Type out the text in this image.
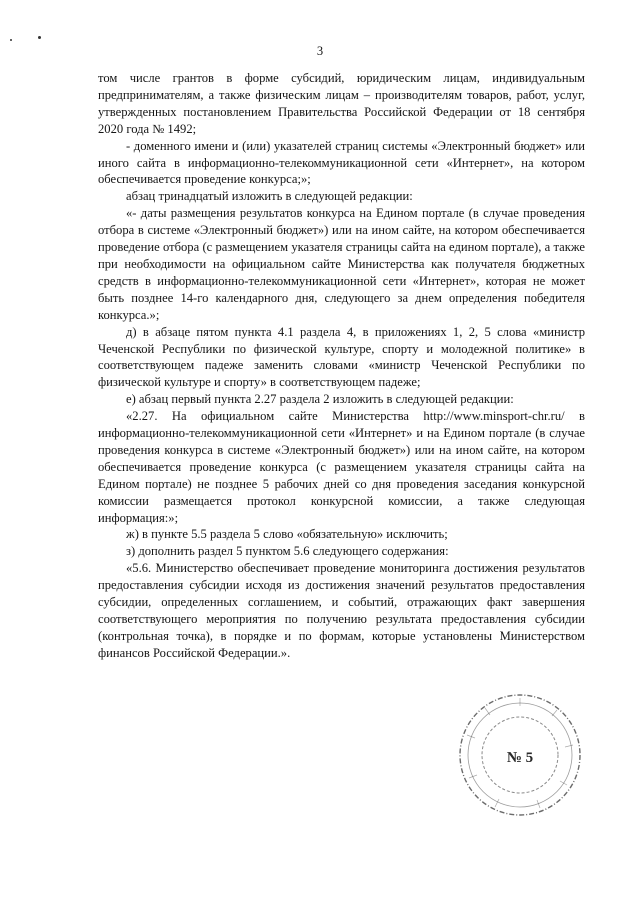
3

том числе грантов в форме субсидий, юридическим лицам, индивидуальным предпринимателям, а также физическим лицам – производителям товаров, работ, услуг, утвержденных постановлением Правительства Российской Федерации от 18 сентября 2020 года № 1492;

- доменного имени и (или) указателей страниц системы «Электронный бюджет» или иного сайта в информационно-телекоммуникационной сети «Интернет», на котором обеспечивается проведение конкурса;»;

абзац тринадцатый изложить в следующей редакции:

«- даты размещения результатов конкурса на Едином портале (в случае проведения отбора в системе «Электронный бюджет») или на ином сайте, на котором обеспечивается проведение отбора (с размещением указателя страницы сайта на едином портале), а также при необходимости на официальном сайте Министерства как получателя бюджетных средств в информационно-телекоммуникационной сети «Интернет», которая не может быть позднее 14-го календарного дня, следующего за днем определения победителя конкурса.»;

д) в абзаце пятом пункта 4.1 раздела 4, в приложениях 1, 2, 5 слова «министр Чеченской Республики по физической культуре, спорту и молодежной политике» в соответствующем падеже заменить словами «министр Чеченской Республики по физической культуре и спорту» в соответствующем падеже;

е) абзац первый пункта 2.27 раздела 2 изложить в следующей редакции:

«2.27. На официальном сайте Министерства http://www.minsport-chr.ru/ в информационно-телекоммуникационной сети «Интернет» и на Едином портале (в случае проведения конкурса в системе «Электронный бюджет») или на ином сайте, на котором обеспечивается проведение конкурса (с размещением указателя страницы сайта на Едином портале) не позднее 5 рабочих дней со дня проведения заседания конкурсной комиссии размещается протокол конкурсной комиссии, а также следующая информация:»;

ж) в пункте 5.5 раздела 5 слово «обязательную» исключить;

з) дополнить раздел 5 пунктом 5.6 следующего содержания:

«5.6. Министерство обеспечивает проведение мониторинга достижения результатов предоставления субсидии исходя из достижения значений результатов предоставления субсидии, определенных соглашением, и событий, отражающих факт завершения соответствующего мероприятия по получению результата предоставления субсидии (контрольная точка), в порядке и по формам, которые установлены Министерством финансов Российской Федерации.».

№ 5
